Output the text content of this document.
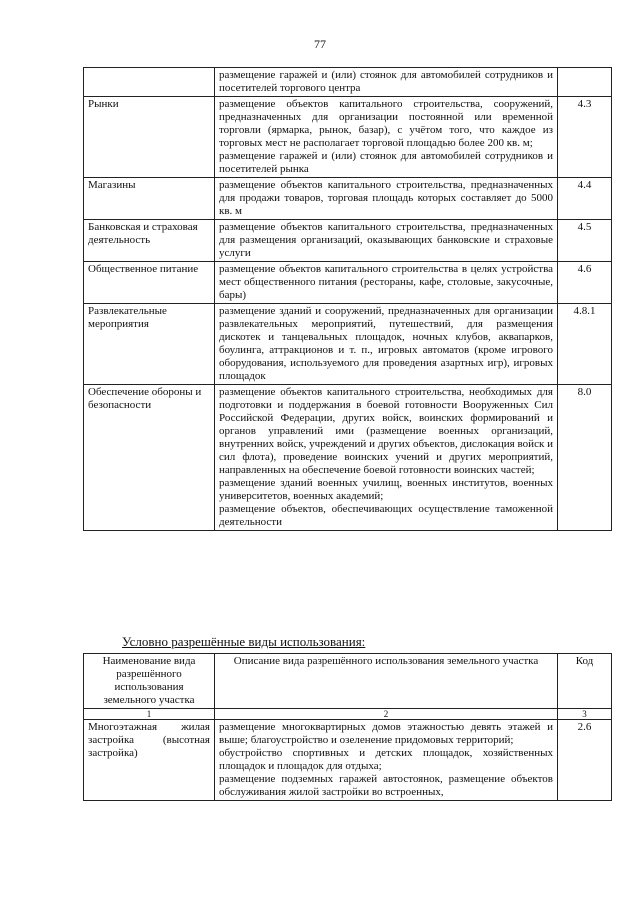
77

	размещение гаражей и (или) стоянок для автомобилей сотрудников и посетителей торгового центра	

Рынки	размещение объектов капитального строительства, сооружений, предназначенных для организации постоянной или временной торговли (ярмарка, рынок, базар), с учётом того, что каждое из торговых мест не располагает торговой площадью более 200 кв. м;
размещение гаражей и (или) стоянок для автомобилей сотрудников и посетителей рынка	4.3
Магазины	размещение объектов капитального строительства, предназначенных для продажи товаров, торговая площадь которых составляет до 5000 кв. м	4.4
Банковская и страховая деятельность	размещение объектов капитального строительства, предназначенных для размещения организаций, оказывающих банковские и страховые услуги	4.5
Общественное питание	размещение объектов капитального строительства в целях устройства мест общественного питания (рестораны, кафе, столовые, закусочные, бары)	4.6
Развлекательные мероприятия	размещение зданий и сооружений, предназначенных для организации развлекательных мероприятий, путешествий, для размещения дискотек и танцевальных площадок, ночных клубов, аквапарков, боулинга, аттракционов и т. п., игровых автоматов (кроме игрового оборудования, используемого для проведения азартных игр), игровых площадок	4.8.1
Обеспечение обороны и безопасности	размещение объектов капитального строительства, необходимых для подготовки и поддержания в боевой готовности Вооруженных Сил Российской Федерации, других войск, воинских формирований и органов управлений ими (размещение военных организаций, внутренних войск, учреждений и других объектов, дислокация войск и сил флота), проведение воинских учений и других мероприятий, направленных на обеспечение боевой готовности воинских частей;
размещение зданий военных училищ, военных институтов, военных университетов, военных академий;
размещение объектов, обеспечивающих осуществление таможенной деятельности	8.0
Условно разрешённые виды использования:
Наименование вида разрешённого использования земельного участка	Описание вида разрешённого использования земельного участка	Код
1	2	3
Многоэтажная жилая застройка (высотная застройка)	размещение многоквартирных домов этажностью девять этажей и выше; благоустройство и озеленение придомовых территорий;
обустройство спортивных и детских площадок, хозяйственных площадок и площадок для отдыха;
размещение подземных гаражей автостоянок, размещение объектов обслуживания жилой застройки во встроенных,	2.6
